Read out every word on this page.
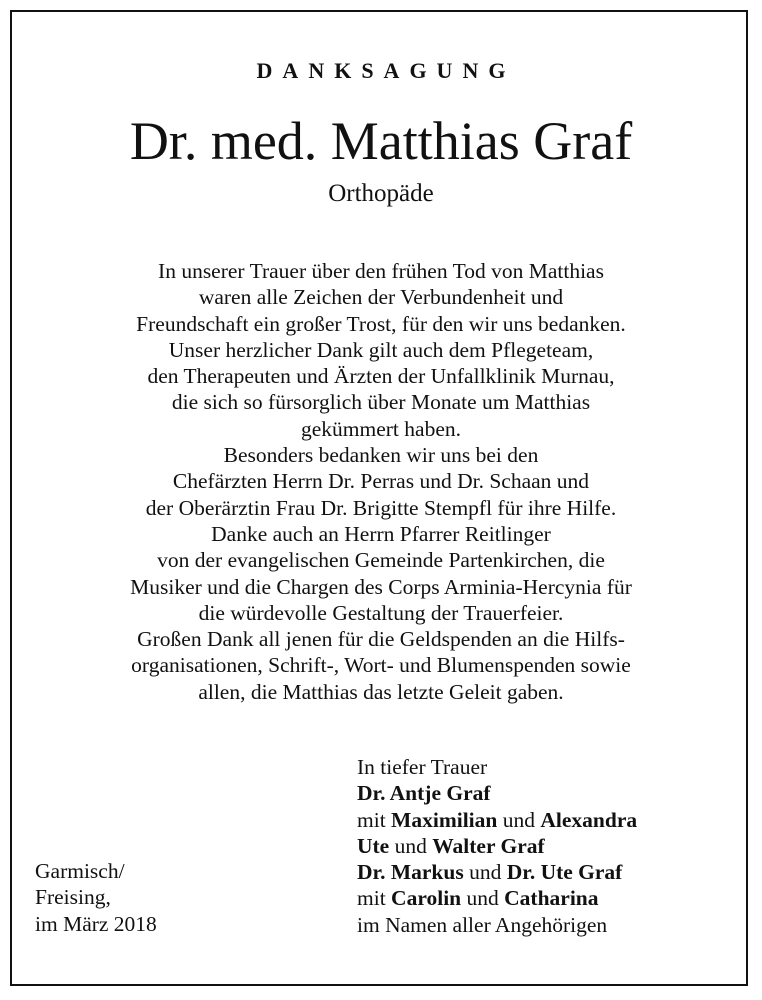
DANKSAGUNG
Dr. med. Matthias Graf
Orthopäde
In unserer Trauer über den frühen Tod von Matthias
waren alle Zeichen der Verbundenheit und
Freundschaft ein großer Trost, für den wir uns bedanken.
Unser herzlicher Dank gilt auch dem Pflegeteam,
den Therapeuten und Ärzten der Unfallklinik Murnau,
die sich so fürsorglich über Monate um Matthias
gekümmert haben.
Besonders bedanken wir uns bei den
Chefärzten Herrn Dr. Perras und Dr. Schaan und
der Oberärztin Frau Dr. Brigitte Stempfl für ihre Hilfe.
Danke auch an Herrn Pfarrer Reitlinger
von der evangelischen Gemeinde Partenkirchen, die
Musiker und die Chargen des Corps Arminia-Hercynia für
die würdevolle Gestaltung der Trauerfeier.
Großen Dank all jenen für die Geldspenden an die Hilfs-
organisationen, Schrift-, Wort- und Blumenspenden sowie
allen, die Matthias das letzte Geleit gaben.
Garmisch/
Freising,
im März 2018
In tiefer Trauer
Dr. Antje Graf
mit Maximilian und Alexandra
Ute und Walter Graf
Dr. Markus und Dr. Ute Graf
mit Carolin und Catharina
im Namen aller Angehörigen
